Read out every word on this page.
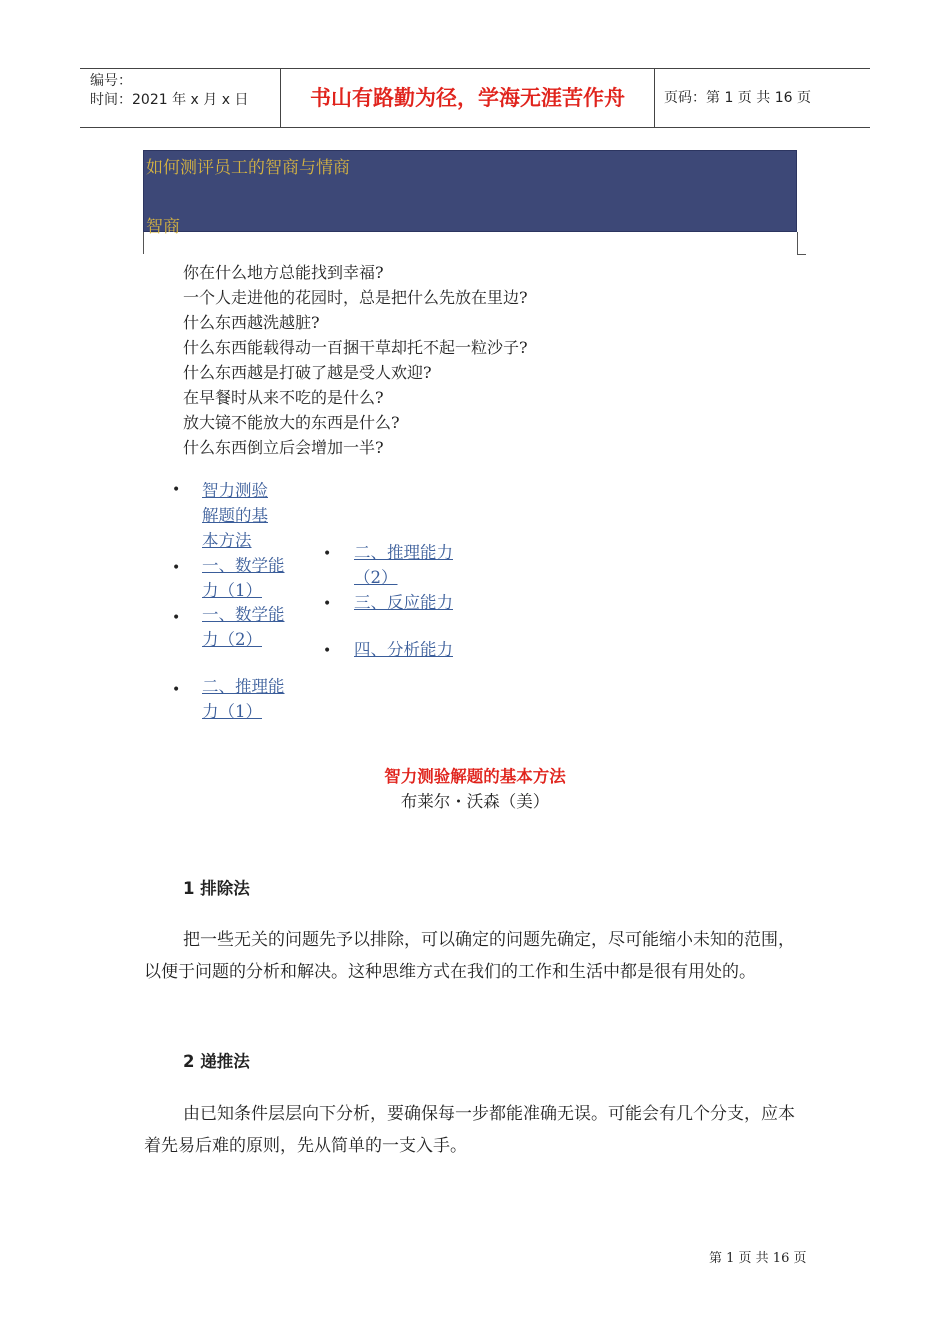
编号：
时间：2021 年 x 月 x 日	书山有路勤为径，学海无涯苦作舟	页码：第 1 页 共 16 页
如何测评员工的智商与情商
智商
你在什么地方总能找到幸福?
一个人走进他的花园时，总是把什么先放在里边?
什么东西越洗越脏?
什么东西能载得动一百捆干草却托不起一粒沙子?
什么东西越是打破了越是受人欢迎?
在早餐时从来不吃的是什么?
放大镜不能放大的东西是什么?
什么东西倒立后会增加一半?
• 智力测验
解题的基
本方法
• 一、数学能
力（1）
• 一、数学能
力（2）
• 二、推理能
力（1）
• 二、推理能力
（2）
• 三、反应能力
• 四、分析能力
智力测验解题的基本方法
布莱尔・沃森（美）
1 排除法
把一些无关的问题先予以排除，可以确定的问题先确定，尽可能缩小未知的范围，以便于问题的分析和解决。这种思维方式在我们的工作和生活中都是很有用处的。
2 递推法
由已知条件层层向下分析，要确保每一步都能准确无误。可能会有几个分支，应本着先易后难的原则，先从简单的一支入手。
第 1 页 共 16 页
